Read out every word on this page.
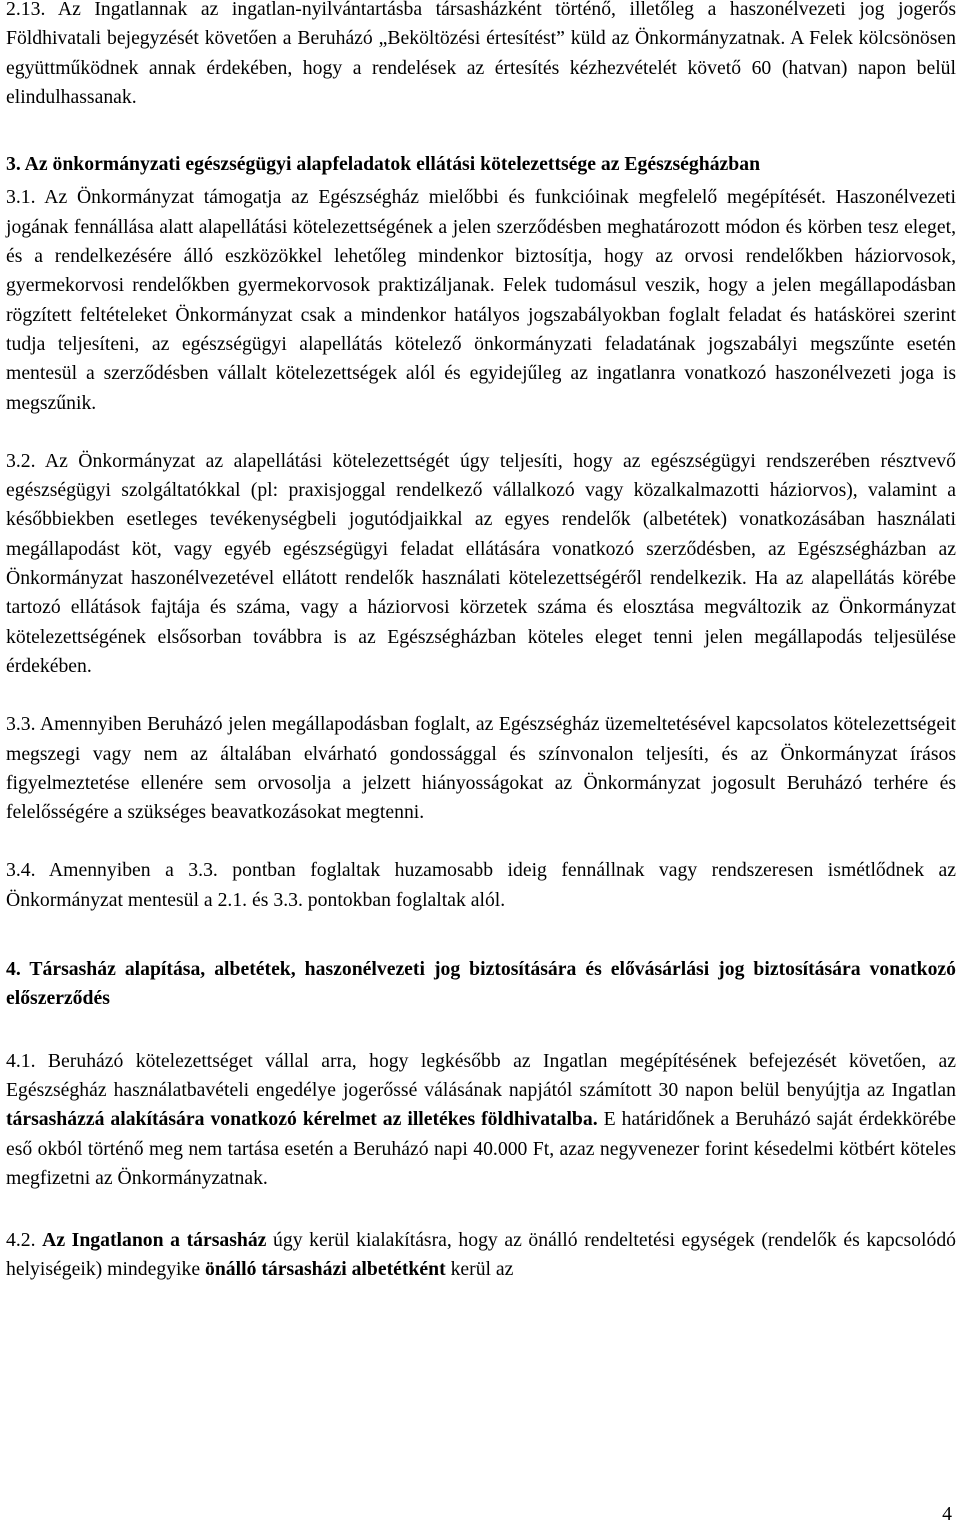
2.13. Az Ingatlannak az ingatlan-nyilvántartásba társasházként történő, illetőleg a haszonélvezeti jog jogerős Földhivatali bejegyzését követően a Beruházó „Beköltözési értesítést” küld az Önkormányzatnak. A Felek kölcsönösen együttműködnek annak érdekében, hogy a rendelések az értesítés kézhezvételét követő 60 (hatvan) napon belül elindulhassanak.

3. Az önkormányzati egészségügyi alapfeladatok ellátási kötelezettsége az Egészségházban

3.1. Az Önkormányzat támogatja az Egészségház mielőbbi és funkcióinak megfelelő megépítését. Haszonélvezeti jogának fennállása alatt alapellátási kötelezettségének a jelen szerződésben meghatározott módon és körben tesz eleget, és a rendelkezésére álló eszközökkel lehetőleg mindenkor biztosítja, hogy az orvosi rendelőkben háziorvosok, gyermekorvosi rendelőkben gyermekorvosok praktizáljanak. Felek tudomásul veszik, hogy a jelen megállapodásban rögzített feltételeket Önkormányzat csak a mindenkor hatályos jogszabályokban foglalt feladat és hatáskörei szerint tudja teljesíteni, az egészségügyi alapellátás kötelező önkormányzati feladatának jogszabályi megszűnte esetén mentesül a szerződésben vállalt kötelezettségek alól és egyidejűleg az ingatlanra vonatkozó haszonélvezeti joga is megszűnik.

3.2. Az Önkormányzat az alapellátási kötelezettségét úgy teljesíti, hogy az egészségügyi rendszerében résztvevő egészségügyi szolgáltatókkal (pl: praxisjoggal rendelkező vállalkozó vagy közalkalmazotti háziorvos), valamint a későbbiekben esetleges tevékenységbeli jogutódjaikkal az egyes rendelők (albetétek) vonatkozásában használati megállapodást köt, vagy egyéb egészségügyi feladat ellátására vonatkozó szerződésben, az Egészségházban az Önkormányzat haszonélvezetével ellátott rendelők használati kötelezettségéről rendelkezik. Ha az alapellátás körébe tartozó ellátások fajtája és száma, vagy a háziorvosi körzetek száma és elosztása megváltozik az Önkormányzat kötelezettségének elsősorban továbbra is az Egészségházban köteles eleget tenni jelen megállapodás teljesülése érdekében.

3.3. Amennyiben Beruházó jelen megállapodásban foglalt, az Egészségház üzemeltetésével kapcsolatos kötelezettségeit megszegi vagy nem az általában elvárható gondossággal és színvonalon teljesíti, és az Önkormányzat írásos figyelmeztetése ellenére sem orvosolja a jelzett hiányosságokat az Önkormányzat jogosult Beruházó terhére és felelősségére a szükséges beavatkozásokat megtenni.

3.4. Amennyiben a 3.3. pontban foglaltak huzamosabb ideig fennállnak vagy rendszeresen ismétlődnek az Önkormányzat mentesül a 2.1. és 3.3. pontokban foglaltak alól.

4. Társasház alapítása, albetétek, haszonélvezeti jog biztosítására és elővásárlási jog biztosítására vonatkozó előszerződés

4.1. Beruházó kötelezettséget vállal arra, hogy legkésőbb az Ingatlan megépítésének befejezését követően, az Egészségház használatbavételi engedélye jogerőssé válásának napjától számított 30 napon belül benyújtja az Ingatlan társasházzá alakítására vonatkozó kérelmet az illetékes földhivatalba. E határidőnek a Beruházó saját érdekkörébe eső okból történő meg nem tartása esetén a Beruházó napi 40.000 Ft, azaz negyvenezer forint késedelmi kötbért köteles megfizetni az Önkormányzatnak.

4.2. Az Ingatlanon a társasház úgy kerül kialakításra, hogy az önálló rendeltetési egységek (rendelők és kapcsolódó helyiségeik) mindegyike önálló társasházi albetétként kerül az

4
